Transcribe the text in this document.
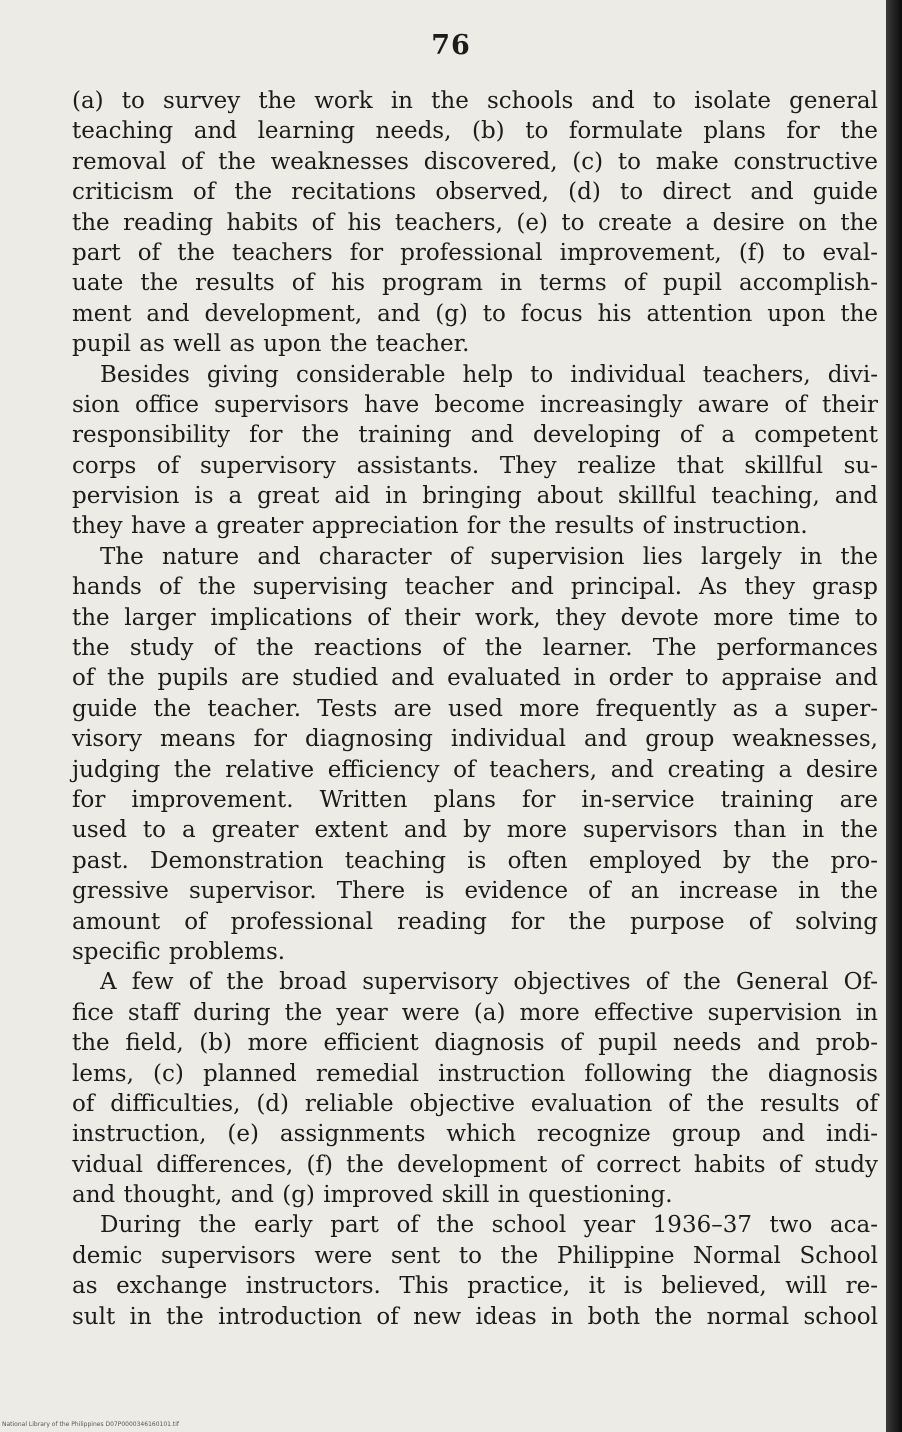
76
(a) to survey the work in the schools and to isolate general
teaching and learning needs, (b) to formulate plans for the
removal of the weaknesses discovered, (c) to make constructive
criticism of the recitations observed, (d) to direct and guide
the reading habits of his teachers, (e) to create a desire on the
part of the teachers for professional improvement, (f) to eval-
uate the results of his program in terms of pupil accomplish-
ment and development, and (g) to focus his attention upon the
pupil as well as upon the teacher.
Besides giving considerable help to individual teachers, divi-
sion office supervisors have become increasingly aware of their
responsibility for the training and developing of a competent
corps of supervisory assistants. They realize that skillful su-
pervision is a great aid in bringing about skillful teaching, and
they have a greater appreciation for the results of instruction.
The nature and character of supervision lies largely in the
hands of the supervising teacher and principal. As they grasp
the larger implications of their work, they devote more time to
the study of the reactions of the learner. The performances
of the pupils are studied and evaluated in order to appraise and
guide the teacher. Tests are used more frequently as a super-
visory means for diagnosing individual and group weaknesses,
judging the relative efficiency of teachers, and creating a desire
for improvement. Written plans for in-service training are
used to a greater extent and by more supervisors than in the
past. Demonstration teaching is often employed by the pro-
gressive supervisor. There is evidence of an increase in the
amount of professional reading for the purpose of solving
specific problems.
A few of the broad supervisory objectives of the General Of-
fice staff during the year were (a) more effective supervision in
the field, (b) more efficient diagnosis of pupil needs and prob-
lems, (c) planned remedial instruction following the diagnosis
of difficulties, (d) reliable objective evaluation of the results of
instruction, (e) assignments which recognize group and indi-
vidual differences, (f) the development of correct habits of study
and thought, and (g) improved skill in questioning.
During the early part of the school year 1936–37 two aca-
demic supervisors were sent to the Philippine Normal School
as exchange instructors. This practice, it is believed, will re-
sult in the introduction of new ideas in both the normal school
National Library of the Philippines D07P0000346160101.tif
